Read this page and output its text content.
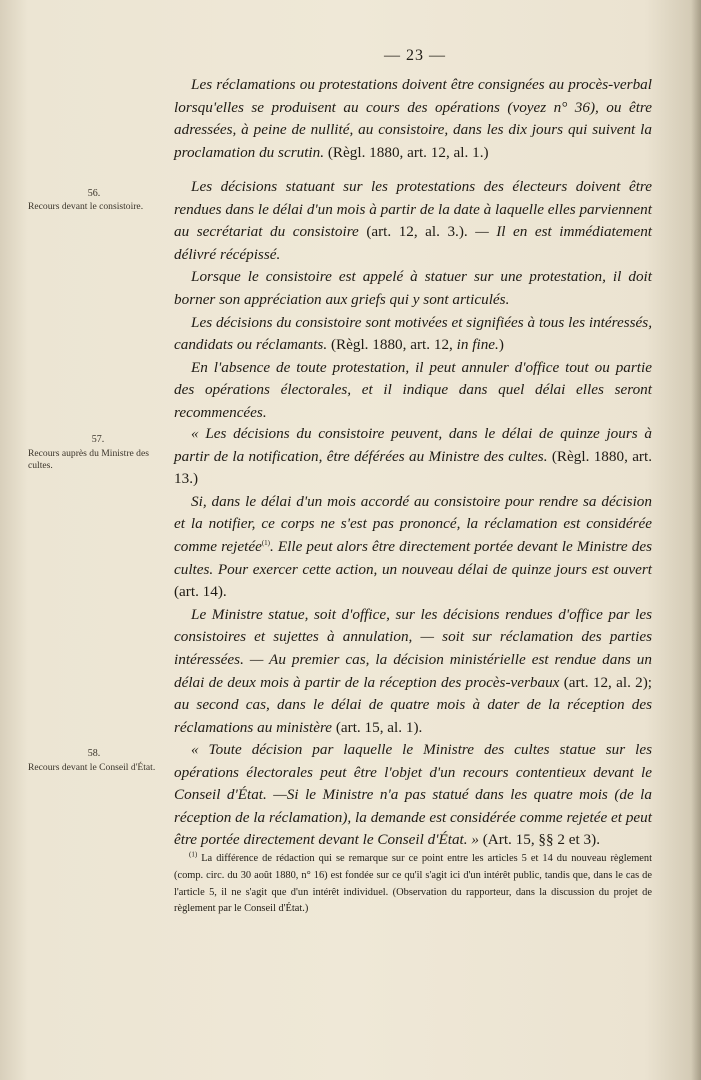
— 23 —

Les réclamations ou protestations doivent être consignées au procès-verbal lorsqu'elles se produisent au cours des opérations (voyez n° 36), ou être adressées, à peine de nullité, au consistoire, dans les dix jours qui suivent la proclamation du scrutin. (Règl. 1880, art. 12, al. 1.)

56.
Recours devant le consistoire.

Les décisions statuant sur les protestations des électeurs doivent être rendues dans le délai d'un mois à partir de la date à laquelle elles parviennent au secrétariat du consistoire (art. 12, al. 3.). — Il en est immédiatement délivré récépissé.

Lorsque le consistoire est appelé à statuer sur une protestation, il doit borner son appréciation aux griefs qui y sont articulés.

Les décisions du consistoire sont motivées et signifiées à tous les intéressés, candidats ou réclamants. (Règl. 1880, art. 12, in fine.)

En l'absence de toute protestation, il peut annuler d'office tout ou partie des opérations électorales, et il indique dans quel délai elles seront recommencées.

57.
Recours auprès du Ministre des cultes.

« Les décisions du consistoire peuvent, dans le délai de quinze jours à partir de la notification, être déférées au Ministre des cultes. (Règl. 1880, art. 13.)

Si, dans le délai d'un mois accordé au consistoire pour rendre sa décision et la notifier, ce corps ne s'est pas prononcé, la réclamation est considérée comme rejetée$^{(1)}$. Elle peut alors être directement portée devant le Ministre des cultes. Pour exercer cette action, un nouveau délai de quinze jours est ouvert (art. 14).

Le Ministre statue, soit d'office, sur les décisions rendues d'office par les consistoires et sujettes à annulation, — soit sur réclamation des parties intéressées. — Au premier cas, la décision ministérielle est rendue dans un délai de deux mois à partir de la réception des procès-verbaux (art. 12, al. 2); au second cas, dans le délai de quatre mois à dater de la réception des réclamations au ministère (art. 15, al. 1).

58.
Recours devant le Conseil d'État.

« Toute décision par laquelle le Ministre des cultes statue sur les opérations électorales peut être l'objet d'un recours contentieux devant le Conseil d'État. —Si le Ministre n'a pas statué dans les quatre mois (de la réception de la réclamation), la demande est considérée comme rejetée et peut être portée directement devant le Conseil d'État. » (Art. 15, §§ 2 et 3).

$^{(1)}$ La différence de rédaction qui se remarque sur ce point entre les articles 5 et 14 du nouveau règlement (comp. circ. du 30 août 1880, n° 16) est fondée sur ce qu'il s'agit ici d'un intérêt public, tandis que, dans le cas de l'article 5, il ne s'agit que d'un intérêt individuel. (Observation du rapporteur, dans la discussion du projet de règlement par le Conseil d'État.)
